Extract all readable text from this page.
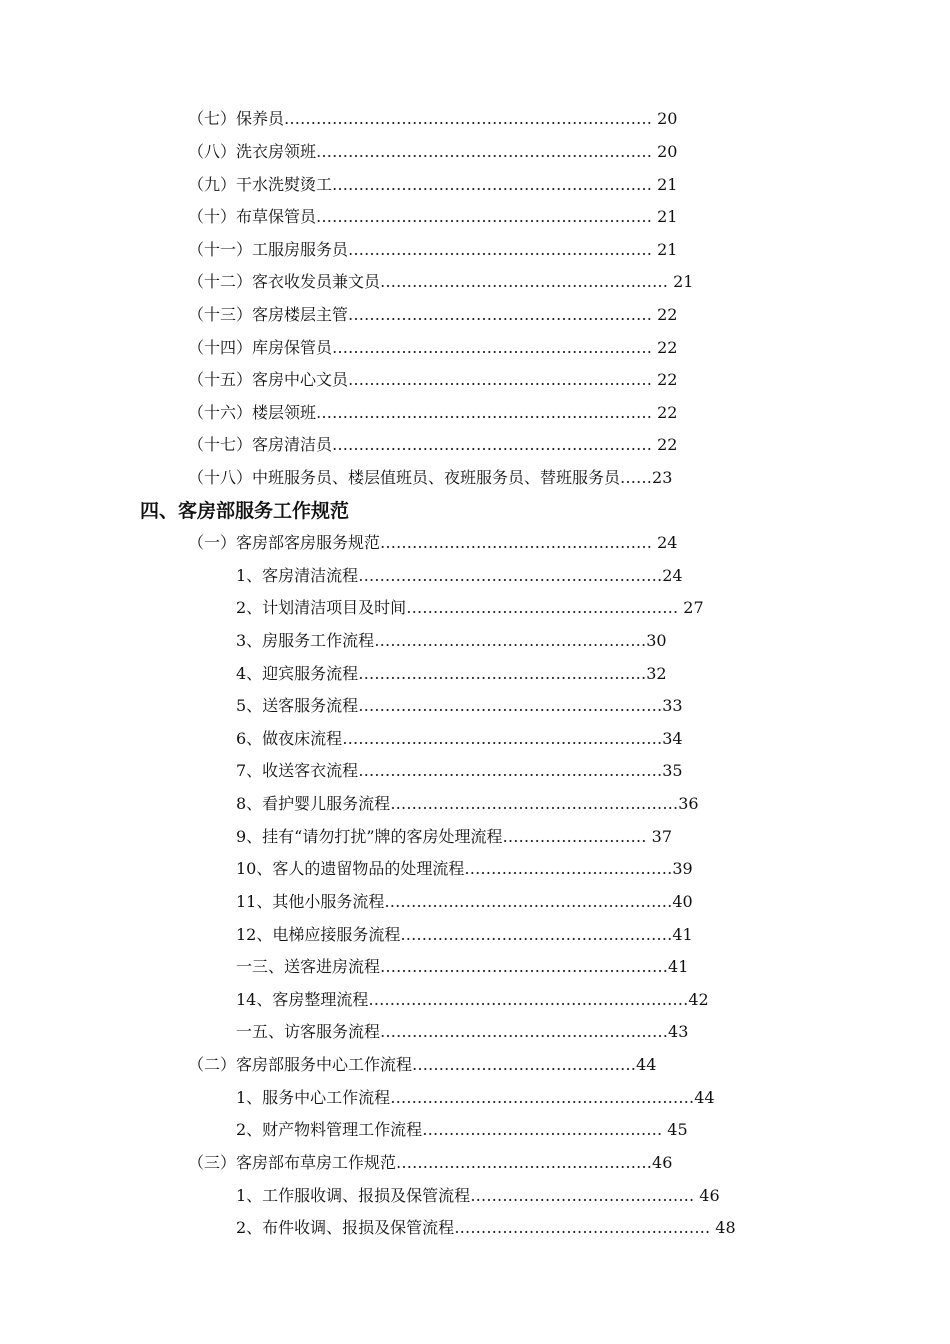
（七）保养员…………………………………………………………… 20
（八）洗衣房领班……………………………………………………… 20
（九）干水洗熨烫工…………………………………………………… 21
（十）布草保管员……………………………………………………… 21
（十一）工服房服务员………………………………………………… 21
（十二）客衣收发员兼文员……………………………………………… 21
（十三）客房楼层主管………………………………………………… 22
（十四）库房保管员…………………………………………………… 22
（十五）客房中心文员………………………………………………… 22
（十六）楼层领班……………………………………………………… 22
（十七）客房清洁员…………………………………………………… 22
（十八）中班服务员、楼层值班员、夜班服务员、替班服务员……23
四、客房部服务工作规范
（一）客房部客房服务规范…………………………………………… 24
1、客房清洁流程…………………………………………………24
2、计划清洁项目及时间…………………………………………… 27
3、房服务工作流程……………………………………………30
4、迎宾服务流程………………………………………………32
5、送客服务流程…………………………………………………33
6、做夜床流程……………………………………………………34
7、收送客衣流程…………………………………………………35
8、看护婴儿服务流程………………………………………………36
9、挂有“请勿打扰”牌的客房处理流程……………………… 37
10、客人的遗留物品的处理流程…………………………………39
11、其他小服务流程………………………………………………40
12、电梯应接服务流程……………………………………………41
一三、送客进房流程………………………………………………41
14、客房整理流程……………………………………………………42
一五、访客服务流程………………………………………………43
（二）客房部服务中心工作流程……………………………………44
1、服务中心工作流程…………………………………………………44
2、财产物料管理工作流程……………………………………… 45
（三）客房部布草房工作规范…………………………………………46
1、工作服收调、报损及保管流程…………………………………… 46
2、布件收调、报损及保管流程………………………………………… 48
